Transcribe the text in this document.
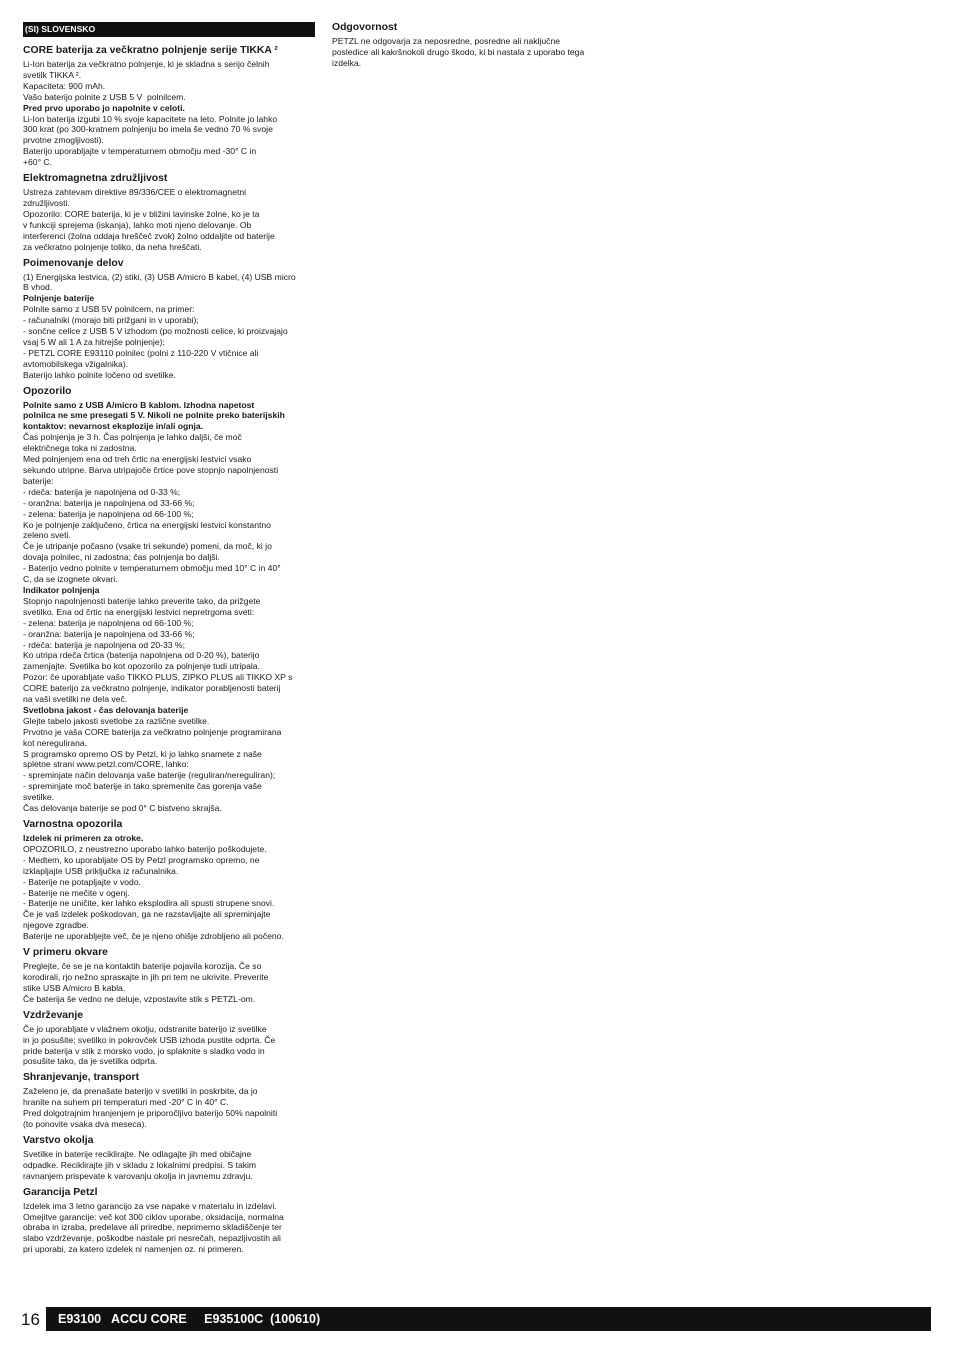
(SI) SLOVENSKO
CORE baterija za večkratno polnjenje serije TIKKA ²
Li-Ion baterija za večkratno polnjenje, ki je skladna s serijo čelnih
svetilk TIKKA ².
Kapaciteta: 900 mAh.
Vašo baterijo polnite z USB 5 V  polnilcem.
Pred prvo uporabo jo napolnite v celoti.
Li-Ion baterija izgubi 10 % svoje kapacitete na leto. Polnite jo lahko
300 krat (po 300-kratnem polnjenju bo imela še vedno 70 % svoje
prvotne zmogljivosti).
Baterijo uporabljajte v temperaturnem območju med -30° C in
+60° C.
Elektromagnetna združljivost
Ustreza zahtevam direktive 89/336/CEE o elektromagnetni
združljivosti.
Opozorilo: CORE baterija, ki je v bližini lavinske žolne, ko je ta
v funkciji sprejema (iskanja), lahko moti njeno delovanje. Ob
interferenci (žolna oddaja hreščeč zvok) žolno oddaljite od baterije
za večkratno polnjenje toliko, da neha hreščati.
Poimenovanje delov
(1) Energijska lestvica, (2) stiki, (3) USB A/micro B kabel, (4) USB micro
B vhod.
Polnjenje baterije
Polnite samo z USB 5V polnilcem, na primer:
- računalniki (morajo biti prižgani in v uporabi);
- sončne celice z USB 5 V izhodom (po možnosti celice, ki proizvajajo
vsaj 5 W ali 1 A za hitrejše polnjenje);
- PETZL CORE E93110 polnilec (polni z 110-220 V vtičnice ali
avtomobilskega vžigalnika).
Baterijo lahko polnite ločeno od svetilke.
Opozorilo
Polnite samo z USB A/micro B kablom. Izhodna napetost
polnilca ne sme presegati 5 V. Nikoli ne polnite preko baterijskih
kontaktov: nevarnost eksplozije in/ali ognja.
Čas polnjenja je 3 h. Čas polnjenja je lahko daljši, če moč
električnega toka ni zadostna.
Med polnjenjem ena od treh črtic na energijski lestvici vsako
sekundo utripne. Barva utripajoče črtice pove stopnjo napolnjenosti
baterije:
- rdeča: baterija je napolnjena od 0-33 %;
- oranžna: baterija je napolnjena od 33-66 %;
- zelena: baterija je napolnjena od 66-100 %;
Ko je polnjenje zaključeno, črtica na energijski lestvici konstantno
zeleno sveti.
Če je utripanje počasno (vsake tri sekunde) pomeni, da moč, ki jo
dovaja polnilec, ni zadostna; čas polnjenja bo daljši.
- Baterijo vedno polnite v temperaturnem območju med 10° C in 40°
C, da se izognete okvari.
Indikator polnjenja
Stopnjo napolnjenosti baterije lahko preverite tako, da prižgete
svetilko. Ena od črtic na energijski lestvici nepretrgoma sveti:
- zelena: baterija je napolnjena od 66-100 %;
- oranžna: baterija je napolnjena od 33-66 %;
- rdeča: baterija je napolnjena od 20-33 %;
Ko utripa rdeča črtica (baterija napolnjena od 0-20 %), baterijo
zamenjajte. Svetilka bo kot opozorilo za polnjenje tudi utripala.
Pozor: če uporabljate vašo TIKKO PLUS, ZIPKO PLUS ali TIKKO XP s
CORE baterijo za večkratno polnjenje, indikator porabljenosti baterij
na vaši svetilki ne dela več.
Svetlobna jakost - čas delovanja baterije
Glejte tabelo jakosti svetlobe za različne svetilke.
Prvotno je vaša CORE baterija za večkratno polnjenje programirana
kot neregulirana.
S programsko opremo OS by Petzl, ki jo lahko snamete z naše
spletne strani www.petzl.com/CORE, lahko:
- spreminjate način delovanja vaše baterije (reguliran/nereguliran);
- spreminjate moč baterije in tako spremenite čas gorenja vaše
svetilke.
Čas delovanja baterije se pod 0° C bistveno skrajša.
Varnostna opozorila
Izdelek ni primeren za otroke.
OPOZORILO, z neustrezno uporabo lahko baterijo poškodujete.
- Medtem, ko uporabljate OS by Petzl programsko opremo, ne
izklapljajte USB priključka iz računalnika.
- Baterije ne potapljajte v vodo.
- Baterije ne mečite v ogenj.
- Baterije ne uničite, ker lahko eksplodira ali spusti strupene snovi.
Če je vaš izdelek poškodovan, ga ne razstavljajte ali spreminjajte
njegove zgradbe.
Baterije ne uporabljejte več, če je njeno ohišje zdrobljeno ali počeno.
V primeru okvare
Preglejte, če se je na kontaktih baterije pojavila korozija. Če so
korodirali, rjo nežno sprasкajte in jih pri tem ne ukrivite. Preverite
stike USB A/micro B kabla.
Če baterija še vedno ne deluje, vzpostavite stik s PETZL-om.
Vzdrževanje
Če jo uporabljate v vlažnem okolju, odstranite baterijo iz svetilke
in jo posušite; svetilko in pokrovček USB izhoda pustite odprta. Če
pride baterija v stik z morsko vodo, jo splaknite s sladko vodo in
posušite tako, da je svetilka odprta.
Shranjevanje, transport
Zaželeno je, da prenašate baterijo v svetilki in poskrbite, da jo
hranite na suhem pri temperaturi med -20° C in 40° C.
Pred dolgotrajnim hranjenjem je priporočljivo baterijo 50% napolniti
(to ponovite vsaka dva meseca).
Varstvo okolja
Svetilke in baterije reciklirajte. Ne odlagajte jih med običajne
odpadke. Reciklirajte jih v skladu z lokalnimi predpisi. S takim
ravnanjem prispevate k varovanju okolja in javnemu zdravju.
Garancija Petzl
Izdelek ima 3 letno garancijo za vse napake v materialu in izdelavi.
Omejitve garancije: več kot 300 ciklov uporabe, oksidacija, normalna
obraba in izraba, predelave ali priredbe, neprimerno skladiščenje ter
slabo vzdrževanje, poškodbe nastale pri nesrečah, nepazljivostih ali
pri uporabi, za katero izdelek ni namenjen oz. ni primeren.
Odgovornost
PETZL ne odgovarja za neposredne, posredne ali naključne
posledice ali kakršnokoli drugo škodo, ki bi nastala z uporabo tega
izdelka.
16 E93100   ACCU CORE     E935100C  (100610)
